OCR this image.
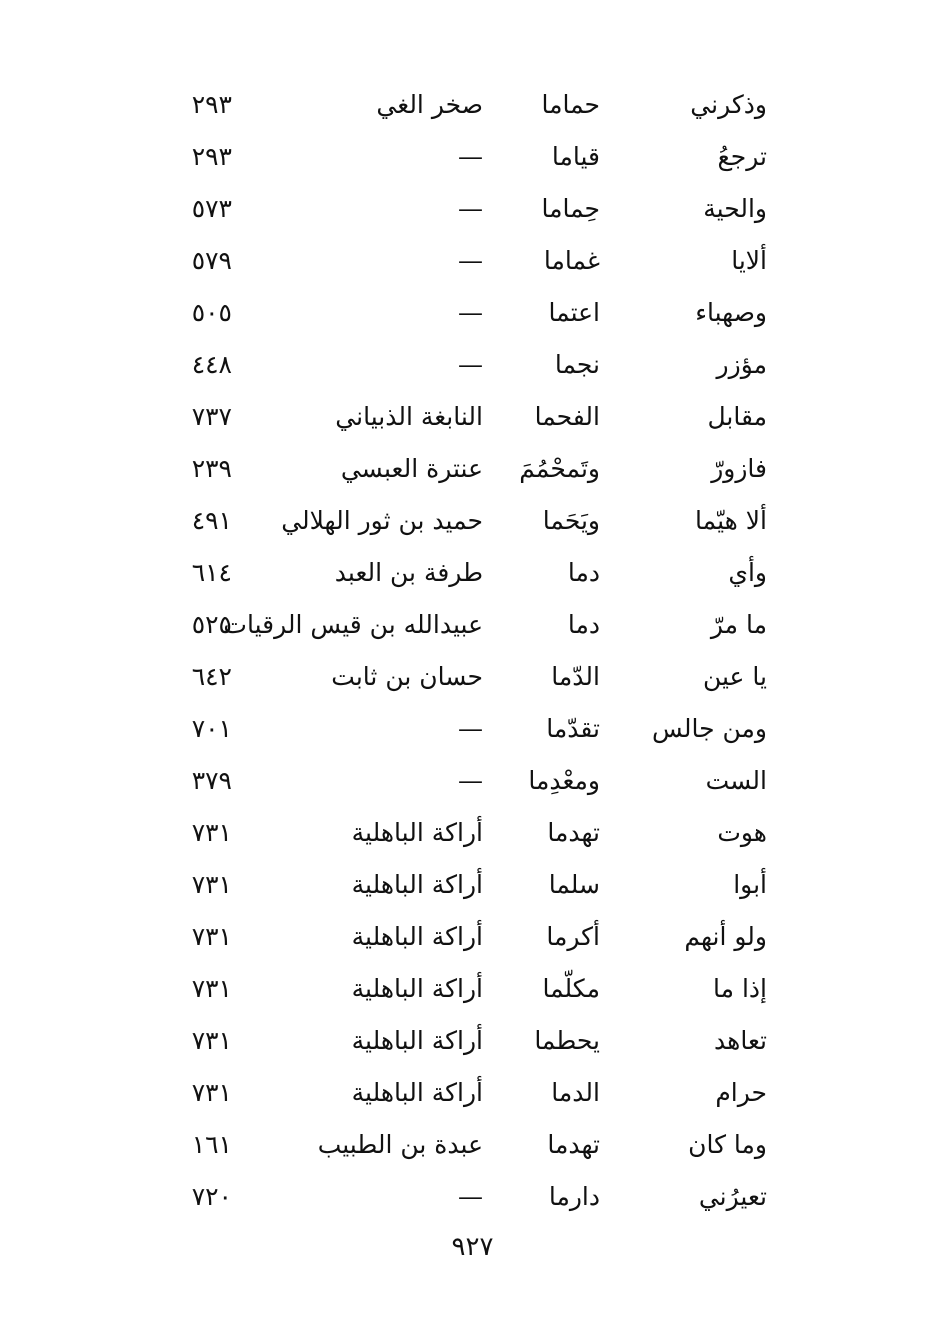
وذكرني
حماما
صخر الغي
٢٩٣
ترجعُ
قياما
—
٢٩٣
والحية
حِماما
—
٥٧٣
ألايا
غماما
—
٥٧٩
وصهباء
اعتما
—
٥٠٥
مؤزر
نجما
—
٤٤٨
مقابل
الفحما
النابغة الذبياني
٧٣٧
فازورّ
وتَمحْمُمَ
عنترة العبسي
٢٣٩
ألا هيّما
ويَحَما
حميد بن ثور الهلالي
٤٩١
وأي
دما
طرفة بن العبد
٦١٤
ما مرّ
دما
عبيدالله بن قيس الرقيات
٥٢٥
يا عين
الدّما
حسان بن ثابت
٦٤٢
ومن جالس
تقدّما
—
٧٠١
الست
ومعْدِما
—
٣٧٩
هوت
تهدما
أراكة الباهلية
٧٣١
أبوا
سلما
أراكة الباهلية
٧٣١
ولو أنهم
أكرما
أراكة الباهلية
٧٣١
إذا ما
مكلّما
أراكة الباهلية
٧٣١
تعاهد
يحطما
أراكة الباهلية
٧٣١
حرام
الدما
أراكة الباهلية
٧٣١
وما كان
تهدما
عبدة بن الطبيب
١٦١
تعيرُني
دارما
—
٧٢٠
٩٢٧
